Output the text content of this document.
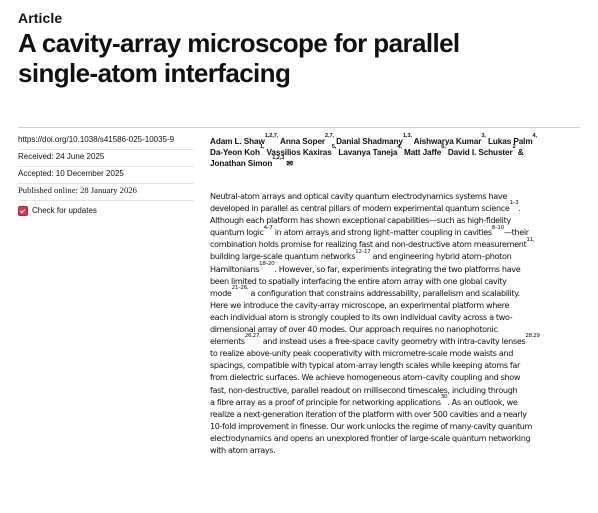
Article
A cavity-array microscope for parallel
single-atom interfacing
https://doi.org/10.1038/s41586-025-10035-9
Received: 24 June 2025
Accepted: 10 December 2025
Published online: 28 January 2026
Check for updates
Adam L. Shaw$^{1,2,7,}$ Anna Soper$^{2,7,}$ Danial Shadmany$^{1,3,}$ Aishwarya Kumar$^{3,}$ Lukas Palm$^{4,}$
Da-Yeon Koh$^{1,}$ Vassilios Kaxiras$^{5,}$ Lavanya Taneja$^{4,}$ Matt Jaffe$^{6,}$ David I. Schuster$^2$ &
Jonathan Simon$^{1,2,3}$ ✉
Neutral-atom arrays and optical cavity quantum electrodynamics systems have
developed in parallel as central pillars of modern experimental quantum science$^{1-3}$.
Although each platform has shown exceptional capabilities—such as high-fidelity
quantum logic$^{4-7}$ in atom arrays and strong light–matter coupling in cavities$^{8-10}$—their
combination holds promise for realizing fast and non-destructive atom measurement$^{11,}$
building large-scale quantum networks$^{12-17}$ and engineering hybrid atom–photon
Hamiltonians$^{18-20}$. However, so far, experiments integrating the two platforms have
been limited to spatially interfacing the entire atom array with one global cavity
mode$^{21-26,}$ a configuration that constrains addressability, parallelism and scalability.
Here we introduce the cavity-array microscope, an experimental platform where
each individual atom is strongly coupled to its own individual cavity across a two-
dimensional array of over 40 modes. Our approach requires no nanophotonic
elements$^{26,27,}$ and instead uses a free-space cavity geometry with intra-cavity lenses$^{28,29}$
to realize above-unity peak cooperativity with micrometre-scale mode waists and
spacings, compatible with typical atom-array length scales while keeping atoms far
from dielectric surfaces. We achieve homogeneous atom–cavity coupling and show
fast, non-destructive, parallel readout on millisecond timescales, including through
a fibre array as a proof of principle for networking applications$^{30}$. As an outlook, we
realize a next-generation iteration of the platform with over 500 cavities and a nearly
10-fold improvement in finesse. Our work unlocks the regime of many-cavity quantum
electrodynamics and opens an unexplored frontier of large-scale quantum networking
with atom arrays.
